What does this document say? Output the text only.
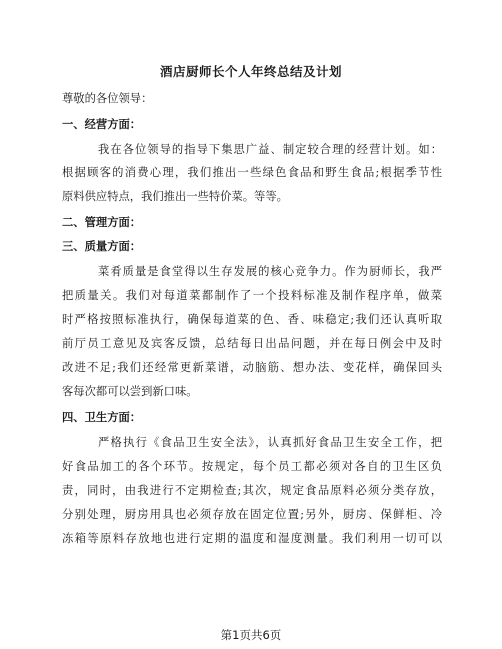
酒店厨师长个人年终总结及计划
尊敬的各位领导：
一、经营方面：
我在各位领导的指导下集思广益、制定较合理的经营计划。如：
根据顾客的消费心理，我们推出一些绿色食品和野生食品;根据季节性
原料供应特点，我们推出一些特价菜。等等。
二、管理方面：
三、质量方面：
菜肴质量是食堂得以生存发展的核心竞争力。作为厨师长，我严
把质量关。我们对每道菜都制作了一个投料标准及制作程序单，做菜
时严格按照标准执行，确保每道菜的色、香、味稳定;我们还认真听取
前厅员工意见及宾客反馈，总结每日出品问题，并在每日例会中及时
改进不足;我们还经常更新菜谱，动脑筋、想办法、变花样，确保回头
客每次都可以尝到新口味。
四、卫生方面：
严格执行《食品卫生安全法》，认真抓好食品卫生安全工作，把
好食品加工的各个环节。按规定，每个员工都必须对各自的卫生区负
责，同时，由我进行不定期检查;其次，规定食品原料必须分类存放，
分别处理，厨房用具也必须存放在固定位置;另外，厨房、保鲜柜、冷
冻箱等原料存放地也进行定期的温度和湿度测量。我们利用一切可以
第1页共6页
